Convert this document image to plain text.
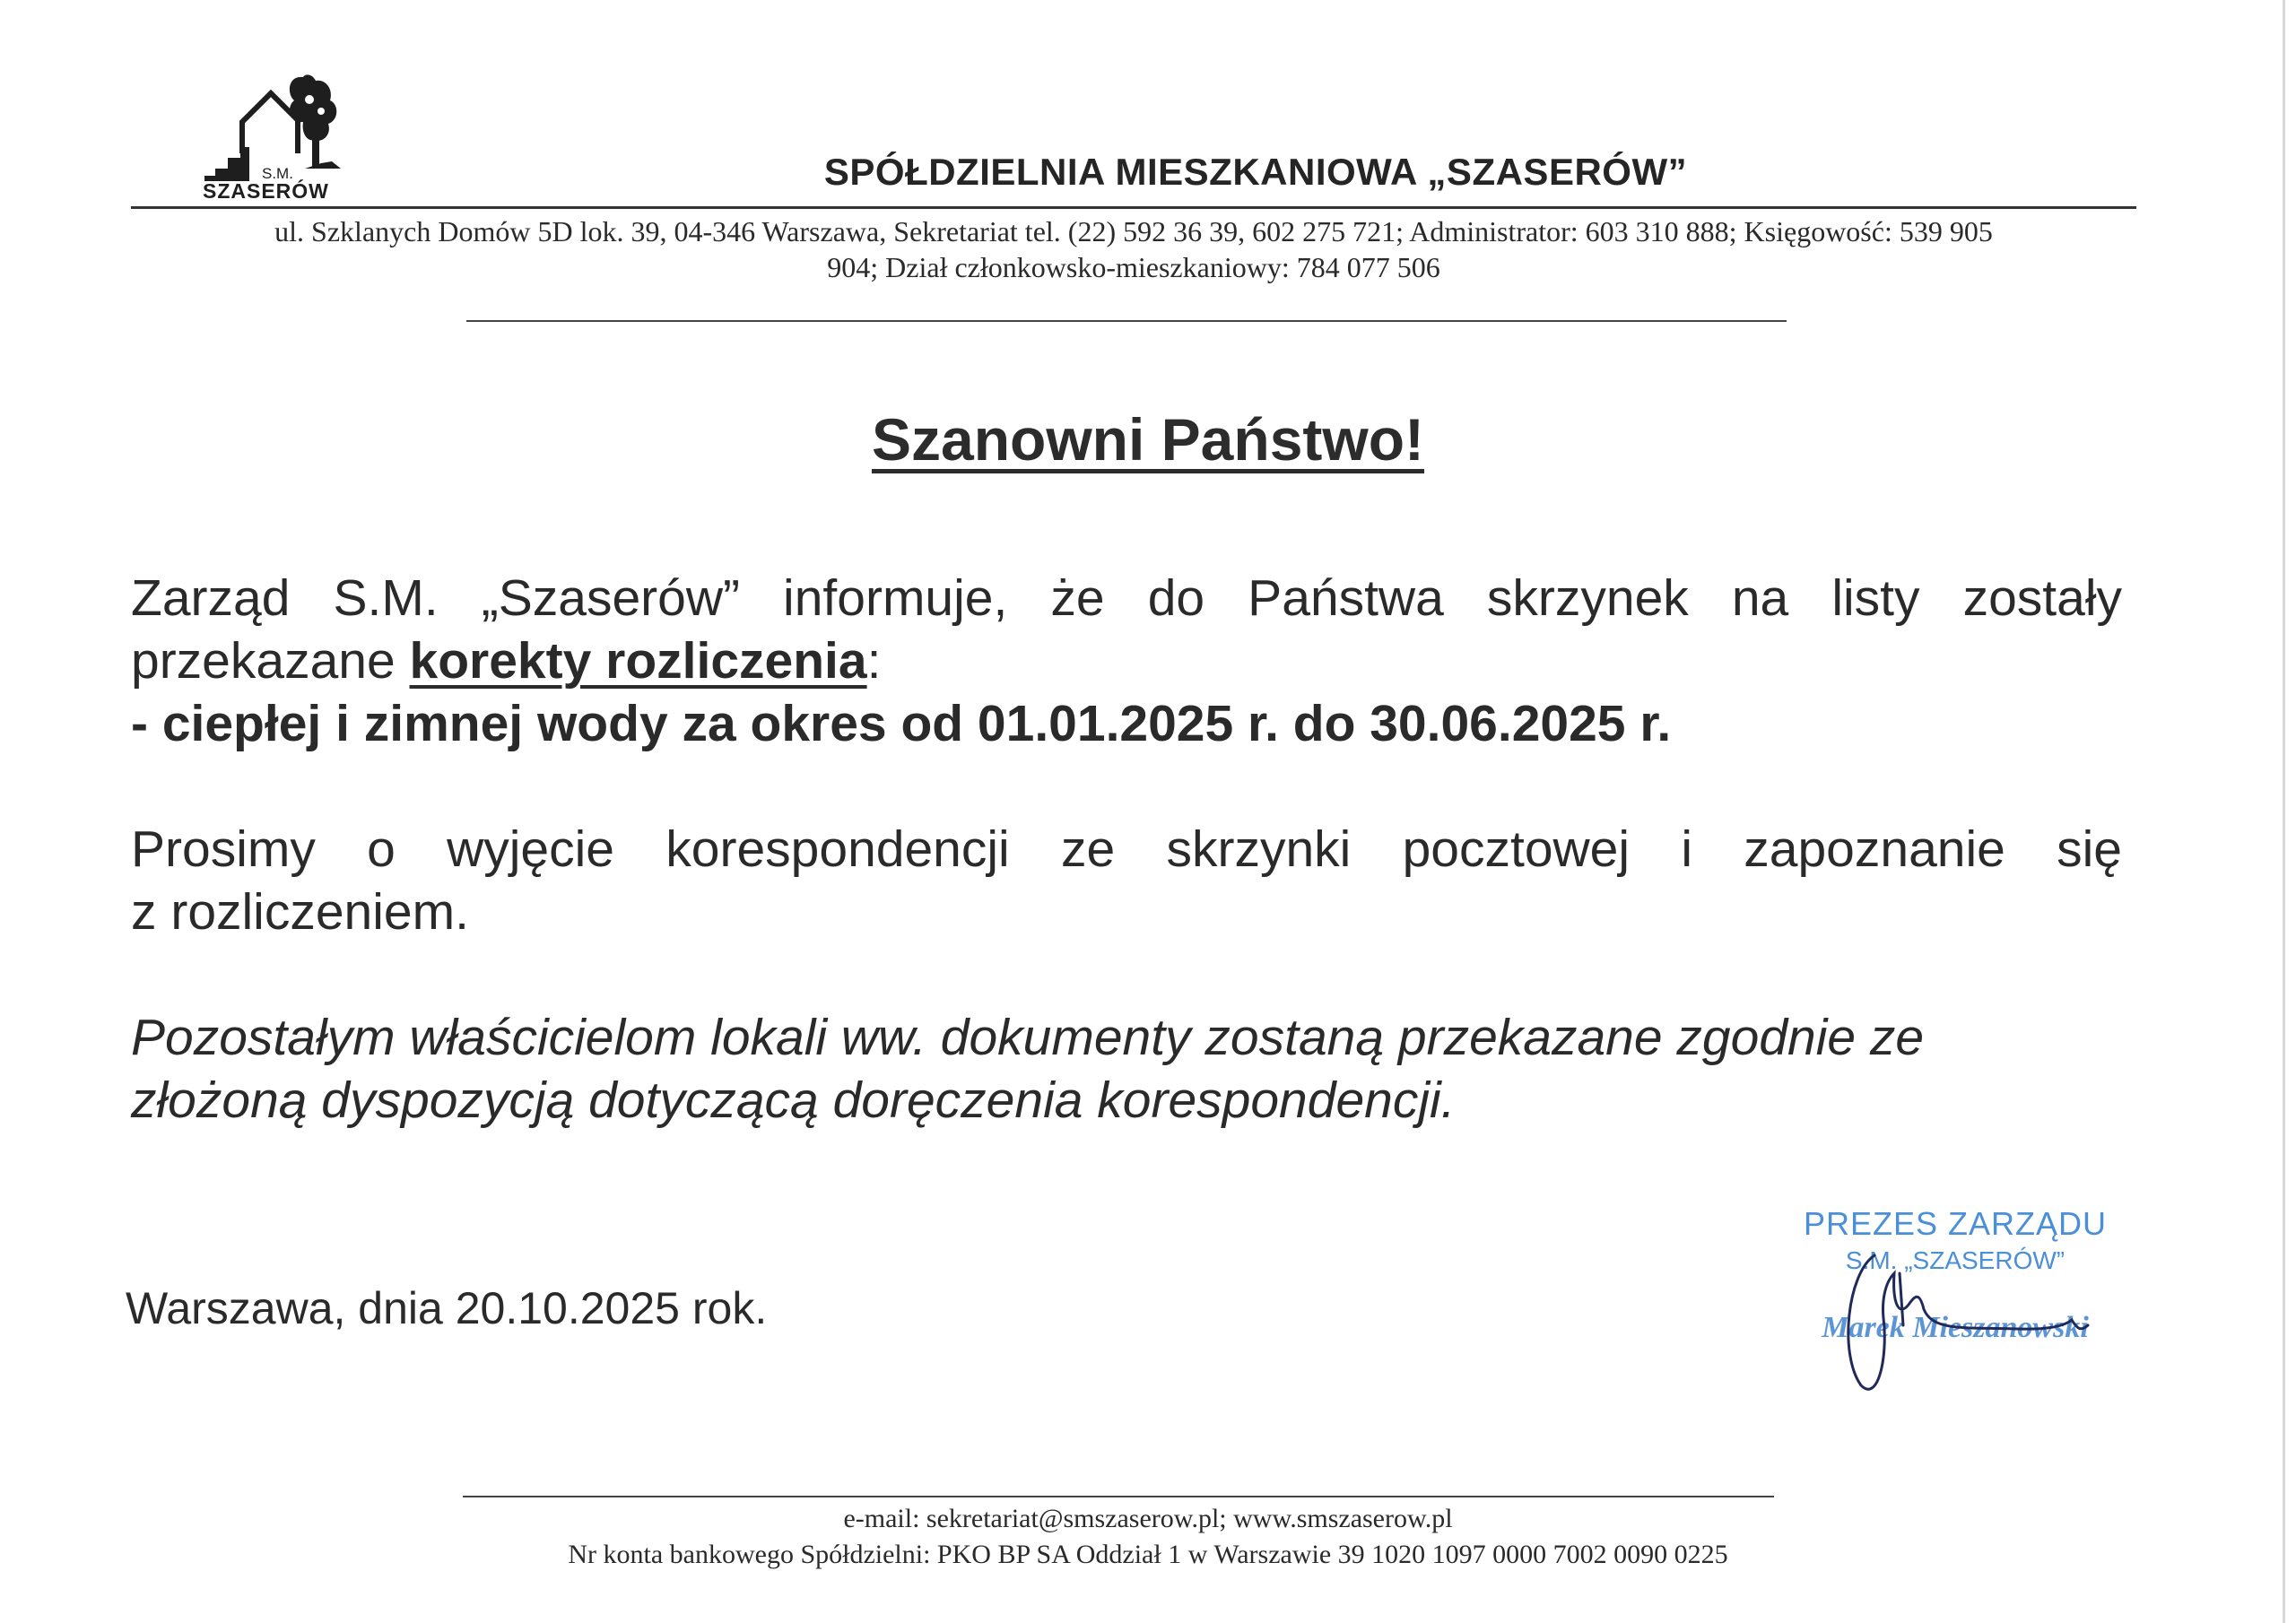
S.M.
SZASERÓW	SPÓŁDZIELNIA MIESZKANIOWA „SZASERÓW”
ul. Szklanych Domów 5D lok. 39, 04-346 Warszawa, Sekretariat tel. (22) 592 36 39, 602 275 721; Administrator: 603 310 888; Księgowość: 539 905
904; Dział członkowsko-mieszkaniowy: 784 077 506
Szanowni Państwo!
Zarząd S.M. „Szaserów” informuje, że do Państwa skrzynek na listy zostały
przekazane korekty rozliczenia:
- ciepłej i zimnej wody za okres od 01.01.2025 r. do 30.06.2025 r.
Prosimy o wyjęcie korespondencji ze skrzynki pocztowej i zapoznanie się
z rozliczeniem.
Pozostałym właścicielom lokali ww. dokumenty zostaną przekazane zgodnie ze złożoną dyspozycją dotyczącą doręczenia korespondencji.
Warszawa, dnia 20.10.2025 rok.
PREZES ZARZĄDU
S.M. „SZASERÓW”
Marek Mieszanowski
e-mail: sekretariat@smszaserow.pl; www.smszaserow.pl
Nr konta bankowego Spółdzielni: PKO BP SA Oddział 1 w Warszawie 39 1020 1097 0000 7002 0090 0225
